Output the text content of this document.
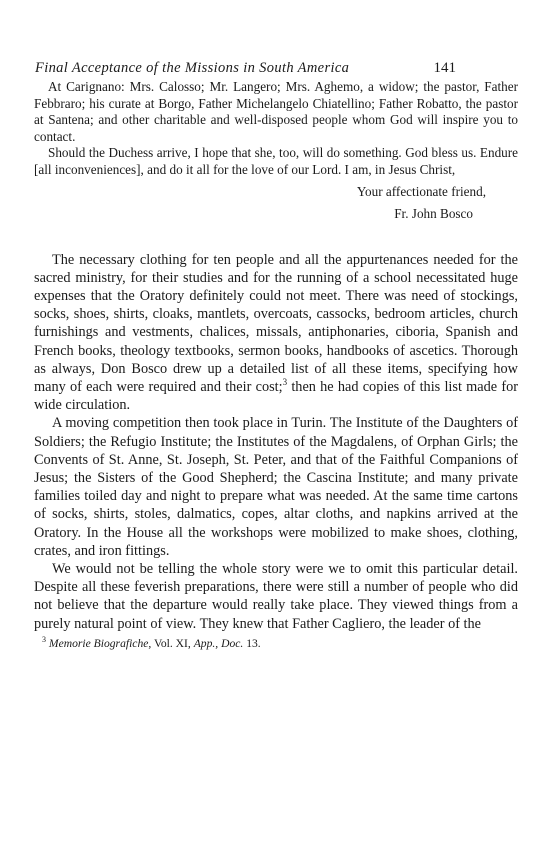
Final Acceptance of the Missions in South America	141

At Carignano: Mrs. Calosso; Mr. Langero; Mrs. Aghemo, a widow; the pastor, Father Febbraro; his curate at Borgo, Father Michelangelo Chiatellino; Father Robatto, the pastor at Santena; and other charitable and well-disposed people whom God will inspire you to contact.

Should the Duchess arrive, I hope that she, too, will do something. God bless us. Endure [all inconveniences], and do it all for the love of our Lord. I am, in Jesus Christ,

Your affectionate friend,
Fr. John Bosco

The necessary clothing for ten people and all the appurtenances needed for the sacred ministry, for their studies and for the running of a school necessitated huge expenses that the Oratory definitely could not meet. There was need of stockings, socks, shoes, shirts, cloaks, mantlets, overcoats, cassocks, bedroom articles, church furnishings and vestments, chalices, missals, antiphonaries, ciboria, Spanish and French books, theology textbooks, sermon books, handbooks of ascetics. Thorough as always, Don Bosco drew up a detailed list of all these items, specifying how many of each were required and their cost;$^3$ then he had copies of this list made for wide circulation.

A moving competition then took place in Turin. The Institute of the Daughters of Soldiers; the Refugio Institute; the Institutes of the Magdalens, of Orphan Girls; the Convents of St. Anne, St. Joseph, St. Peter, and that of the Faithful Companions of Jesus; the Sisters of the Good Shepherd; the Cascina Institute; and many private families toiled day and night to prepare what was needed. At the same time cartons of socks, shirts, stoles, dalmatics, copes, altar cloths, and napkins arrived at the Oratory. In the House all the workshops were mobilized to make shoes, clothing, crates, and iron fittings.

We would not be telling the whole story were we to omit this particular detail. Despite all these feverish preparations, there were still a number of people who did not believe that the departure would really take place. They viewed things from a purely natural point of view. They knew that Father Cagliero, the leader of the

$^3$ Memorie Biografiche, Vol. XI, App., Doc. 13.
